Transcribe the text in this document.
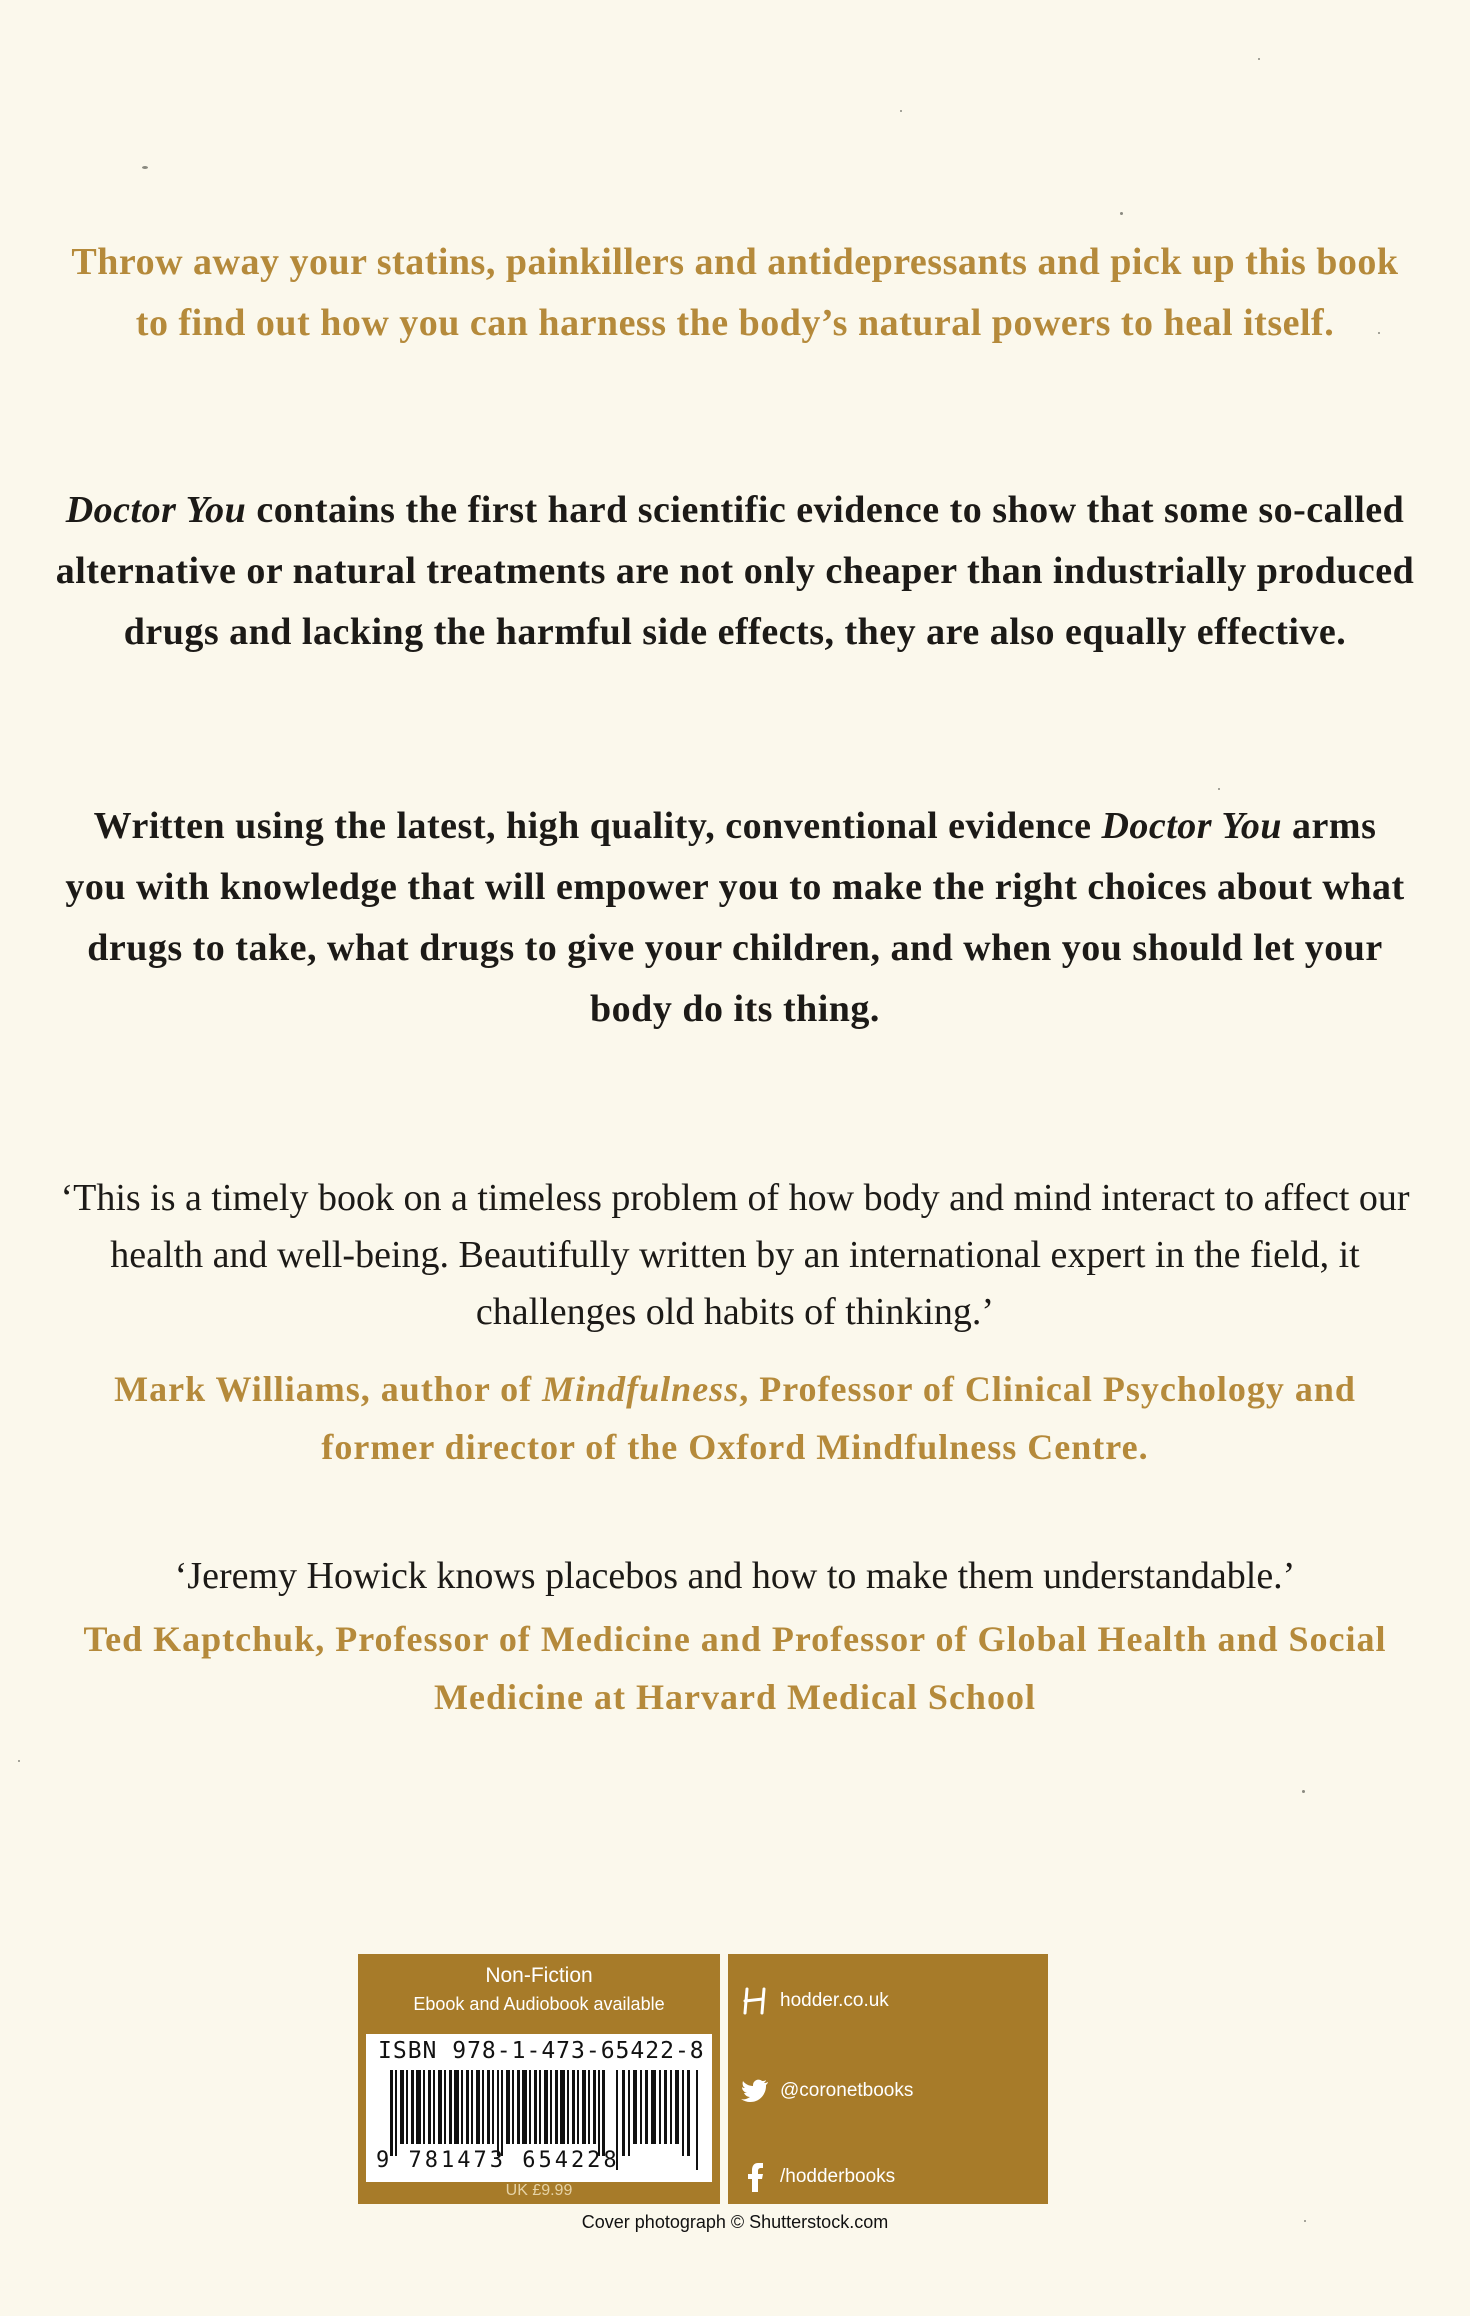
Throw away your statins, painkillers and antidepressants and pick up this book to find out how you can harness the body’s natural powers to heal itself.
Doctor You contains the first hard scientific evidence to show that some so-called alternative or natural treatments are not only cheaper than industrially produced drugs and lacking the harmful side effects, they are also equally effective.
Written using the latest, high quality, conventional evidence Doctor You arms you with knowledge that will empower you to make the right choices about what drugs to take, what drugs to give your children, and when you should let your body do its thing.
‘This is a timely book on a timeless problem of how body and mind interact to affect our health and well-being. Beautifully written by an international expert in the field, it challenges old habits of thinking.’
Mark Williams, author of Mindfulness, Professor of Clinical Psychology and former director of the Oxford Mindfulness Centre.
‘Jeremy Howick knows placebos and how to make them understandable.’
Ted Kaptchuk, Professor of Medicine and Professor of Global Health and Social Medicine at Harvard Medical School
Non-Fiction
Ebook and Audiobook available
ISBN 978-1-473-65422-8
9 781473 654228
UK £9.99
hodder.co.uk
@coronetbooks
/hodderbooks
Cover photograph © Shutterstock.com
